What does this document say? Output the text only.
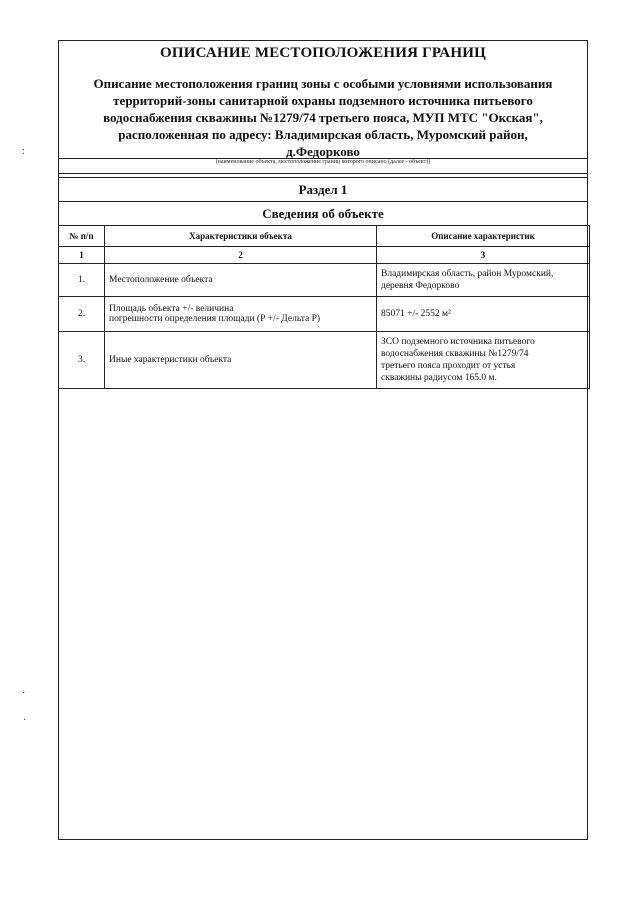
ОПИСАНИЕ МЕСТОПОЛОЖЕНИЯ ГРАНИЦ
Описание местоположения границ зоны с особыми условиями использования
территорий-зоны санитарной охраны подземного источника питьевого
водоснабжения скважины №1279/74 третьего пояса, МУП МТС "Окская",
расположенная по адресу: Владимирская область, Муромский район,
д.Федорково
(наименование объекта, местоположение границ которого описано (далее - объект))
Раздел 1
Сведения об объекте
№ п/п	Характеристики объекта	Описание характеристик
1	2	3
1.	Местоположение объекта	Владимирская область, район Муромский,
деревня Федорково

2.	Площадь объекта +/- величина
погрешности определения площади (Р +/- Дельта Р)	85071 +/- 2552 м²

3.	Иные характеристики объекта	ЗСО подземного источника питьевого
водоснабжения скважины №1279/74
третьего пояса проходит от устья
скважины радиусом 165.0 м.
:
·
·
